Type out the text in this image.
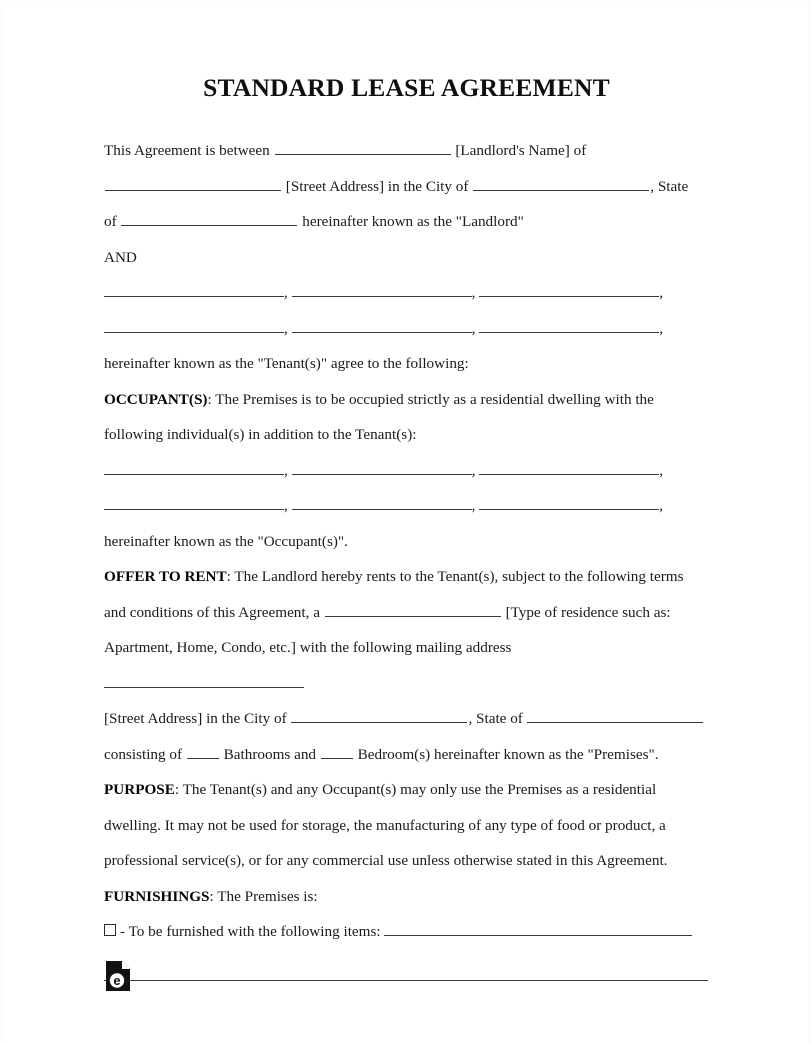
STANDARD LEASE AGREEMENT

This Agreement is between	[Landlord's Name] of

[Street Address] in the City of	, State

of	hereinafter known as the "Landlord"

AND

,	,	,
,	,	,

hereinafter known as the "Tenant(s)" agree to the following:

OCCUPANT(S): The Premises is to be occupied strictly as a residential dwelling with the

following individual(s) in addition to the Tenant(s):

,	,	,
,	,	,

hereinafter known as the "Occupant(s)".

OFFER TO RENT: The Landlord hereby rents to the Tenant(s), subject to the following terms

and conditions of this Agreement, a	[Type of residence such as:

Apartment, Home, Condo, etc.] with the following mailing address

[Street Address] in the City of	, State of

consisting of	Bathrooms and	Bedroom(s) hereinafter known as the "Premises".

PURPOSE: The Tenant(s) and any Occupant(s) may only use the Premises as a residential

dwelling. It may not be used for storage, the manufacturing of any type of food or product, a

professional service(s), or for any commercial use unless otherwise stated in this Agreement.

FURNISHINGS: The Premises is:

- To be furnished with the following items:

e
